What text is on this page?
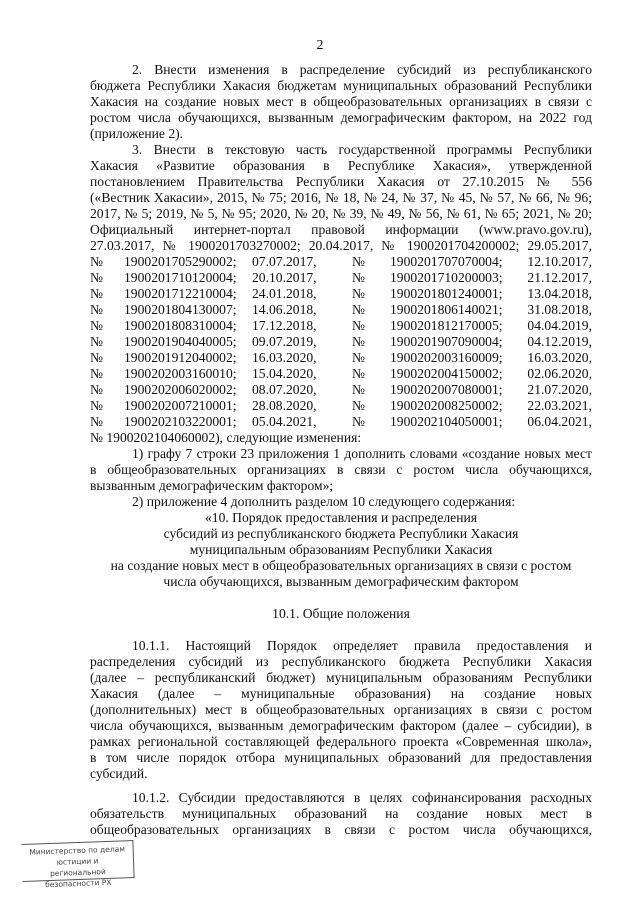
2

2. Внести изменения в распределение субсидий из республиканского

бюджета Республики Хакасия бюджетам муниципальных образований Республики

Хакасия на создание новых мест в общеобразовательных организациях в связи с

ростом числа обучающихся, вызванным демографическим фактором, на 2022 год

(приложение 2).

3. Внести в текстовую часть государственной программы Республики

Хакасия «Развитие образования в Республике Хакасия», утвержденной

постановлением Правительства Республики Хакасия от 27.10.2015 № 556

(«Вестник Хакасии», 2015, № 75; 2016, № 18, № 24, № 37, № 45, № 57, № 66, № 96;

2017, № 5; 2019, № 5, № 95; 2020, № 20, № 39, № 49, № 56, № 61, № 65; 2021, № 20;

Официальный интернет-портал правовой информации (www.pravo.gov.ru),

27.03.2017, № 1900201703270002; 20.04.2017, № 1900201704200002; 29.05.2017,

№	1900201705290002;	07.07.2017,	№	1900201707070004;	12.10.2017,
№	1900201710120004;	20.10.2017,	№	1900201710200003;	21.12.2017,
№	1900201712210004;	24.01.2018,	№	1900201801240001;	13.04.2018,
№	1900201804130007;	14.06.2018,	№	1900201806140021;	31.08.2018,
№	1900201808310004;	17.12.2018,	№	1900201812170005;	04.04.2019,
№	1900201904040005;	09.07.2019,	№	1900201907090004;	04.12.2019,
№	1900201912040002;	16.03.2020,	№	1900202003160009;	16.03.2020,
№	1900202003160010;	15.04.2020,	№	1900202004150002;	02.06.2020,
№	1900202006020002;	08.07.2020,	№	1900202007080001;	21.07.2020,
№	1900202007210001;	28.08.2020,	№	1900202008250002;	22.03.2021,
№	1900202103220001;	05.04.2021,	№	1900202104050001;	06.04.2021,

№ 1900202104060002), следующие изменения:

1) графу 7 строки 23 приложения 1 дополнить словами «создание новых мест

в общеобразовательных организациях в связи с ростом числа обучающихся,

вызванным демографическим фактором»;

2) приложение 4 дополнить разделом 10 следующего содержания:

«10. Порядок предоставления и распределения

субсидий из республиканского бюджета Республики Хакасия

муниципальным образованиям Республики Хакасия

на создание новых мест в общеобразовательных организациях в связи с ростом

числа обучающихся, вызванным демографическим фактором

10.1. Общие положения

10.1.1. Настоящий Порядок определяет правила предоставления и

распределения субсидий из республиканского бюджета Республики Хакасия

(далее – республиканский бюджет) муниципальным образованиям Республики

Хакасия (далее – муниципальные образования) на создание новых

(дополнительных) мест в общеобразовательных организациях в связи с ростом

числа обучающихся, вызванным демографическим фактором (далее – субсидии), в

рамках региональной составляющей федерального проекта «Современная школа»,

в том числе порядок отбора муниципальных образований для предоставления

субсидий.

10.1.2. Субсидии предоставляются в целях софинансирования расходных

обязательств муниципальных образований на создание новых мест в

общеобразовательных организациях в связи с ростом числа обучающихся,

Министерство по делам
юстиции и региональной
безопасности РХ
